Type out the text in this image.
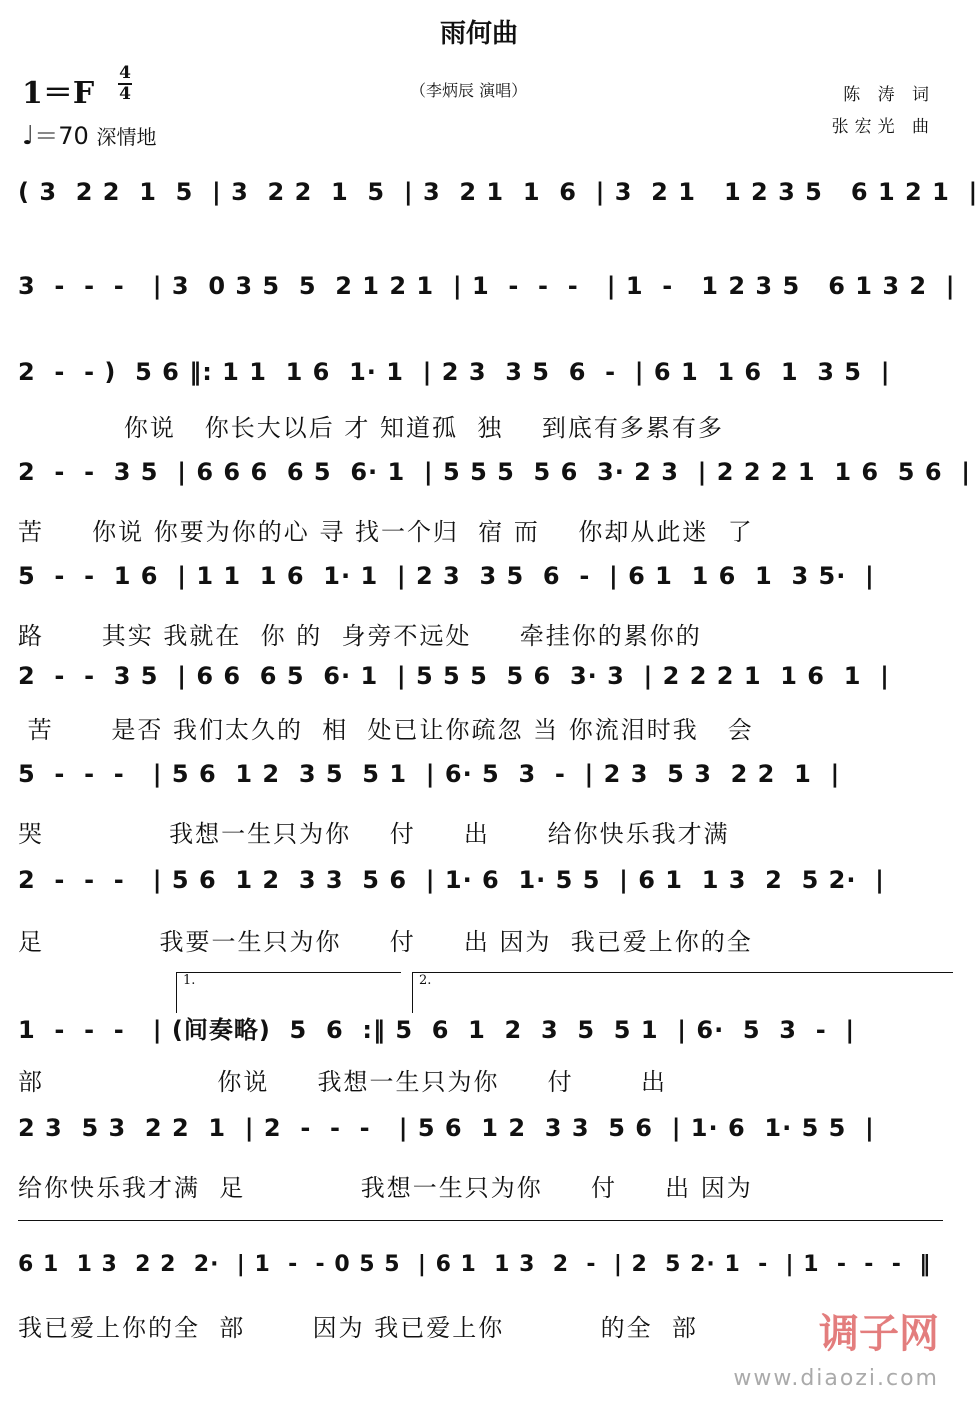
雨何曲
（李炳辰 演唱）	陈 涛 词
张宏光 曲
1＝F
4
4
♩＝70 深情地
( 3  2 2  1  5  | 3  2 2  1  5  | 3  2 1  1  6  | 3  2 1   1 2 3 5   6 1 2 1  |
3  -  -  -   | 3  0 3 5  5  2 1 2 1  | 1  -  -  -   | 1  -   1 2 3 5   6 1 3 2  |
2  -  - )  5 6 ‖: 1 1  1 6  1· 1  | 2 3  3 5  6  -  | 6 1  1 6  1  3 5  |
你说   你长大以后 才 知道孤  独    到底有多累有多
2  -  -  3 5  | 6 6 6  6 5  6· 1  | 5 5 5  5 6  3· 2 3  | 2 2 2 1  1 6  5 6  |
苦     你说 你要为你的心 寻 找一个归  宿 而    你却从此迷  了
5  -  -  1 6  | 1 1  1 6  1· 1  | 2 3  3 5  6  -  | 6 1  1 6  1  3 5·  |
路      其实 我就在  你 的  身旁不远处     牵挂你的累你的
2  -  -  3 5  | 6 6  6 5  6· 1  | 5 5 5  5 6  3· 3  | 2 2 2 1  1 6  1  |
苦      是否 我们太久的  相  处已让你疏忽 当 你流泪时我   会
5  -  -  -   | 5 6  1 2  3 5  5 1  | 6· 5  3  -  | 2 3  5 3  2 2  1  |
哭             我想一生只为你    付     出      给你快乐我才满
2  -  -  -   | 5 6  1 2  3 3  5 6  | 1· 6  1· 5 5  | 6 1  1 3  2  5 2·  |
足            我要一生只为你     付     出 因为  我已爱上你的全
1.	2.
1  -  -  -   | (间奏略)  5  6  :‖ 5  6  1  2  3  5  5 1  | 6·  5  3  -  |
部                  你说     我想一生只为你     付       出
2 3  5 3  2 2  1  | 2  -  -  -   | 5 6  1 2  3 3  5 6  | 1· 6  1· 5 5  |
给你快乐我才满  足            我想一生只为你     付     出 因为
6 1  1 3  2 2  2·  | 1  -  - 0 5 5  | 6 1  1 3  2  -  | 2  5 2· 1  -  | 1  -  -  -  ‖
我已爱上你的全  部       因为 我已爱上你          的全  部	调子网
www.diaozi.com
